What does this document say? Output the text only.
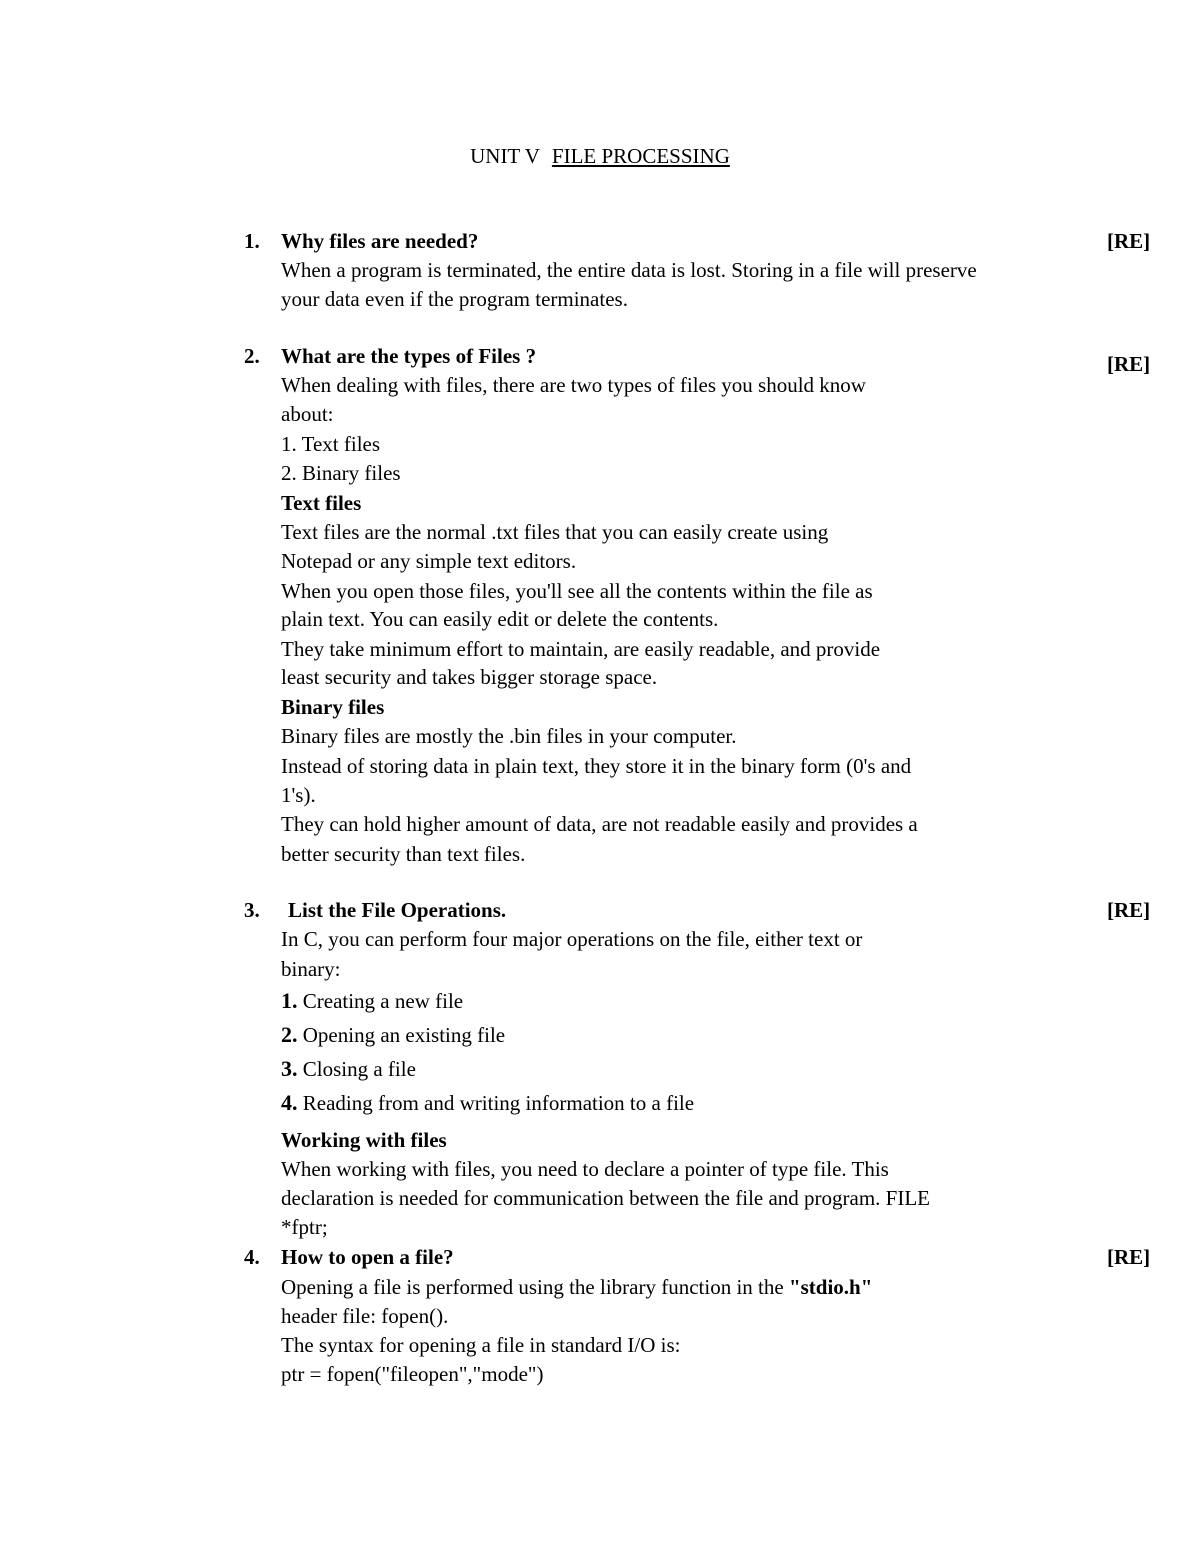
UNIT V FILE PROCESSING
1. Why files are needed?	[RE]
When a program is terminated, the entire data is lost. Storing in a file will preserve
your data even if the program terminates.
2. What are the types of Files ?	[RE]
When dealing with files, there are two types of files you should know
about:
1. Text files
2. Binary files
Text files
Text files are the normal .txt files that you can easily create using
Notepad or any simple text editors.
When you open those files, you'll see all the contents within the file as
plain text. You can easily edit or delete the contents.
They take minimum effort to maintain, are easily readable, and provide
least security and takes bigger storage space.
Binary files
Binary files are mostly the .bin files in your computer.
Instead of storing data in plain text, they store it in the binary form (0's and
1's).
They can hold higher amount of data, are not readable easily and provides a
better security than text files.
3. List the File Operations.	[RE]
In C, you can perform four major operations on the file, either text or
binary:
1. Creating a new file
2. Opening an existing file
3. Closing a file
4. Reading from and writing information to a file
Working with files
When working with files, you need to declare a pointer of type file. This
declaration is needed for communication between the file and program. FILE
*fptr;
4. How to open a file?	[RE]
Opening a file is performed using the library function in the "stdio.h"
header file: fopen().
The syntax for opening a file in standard I/O is:
ptr = fopen("fileopen","mode")
